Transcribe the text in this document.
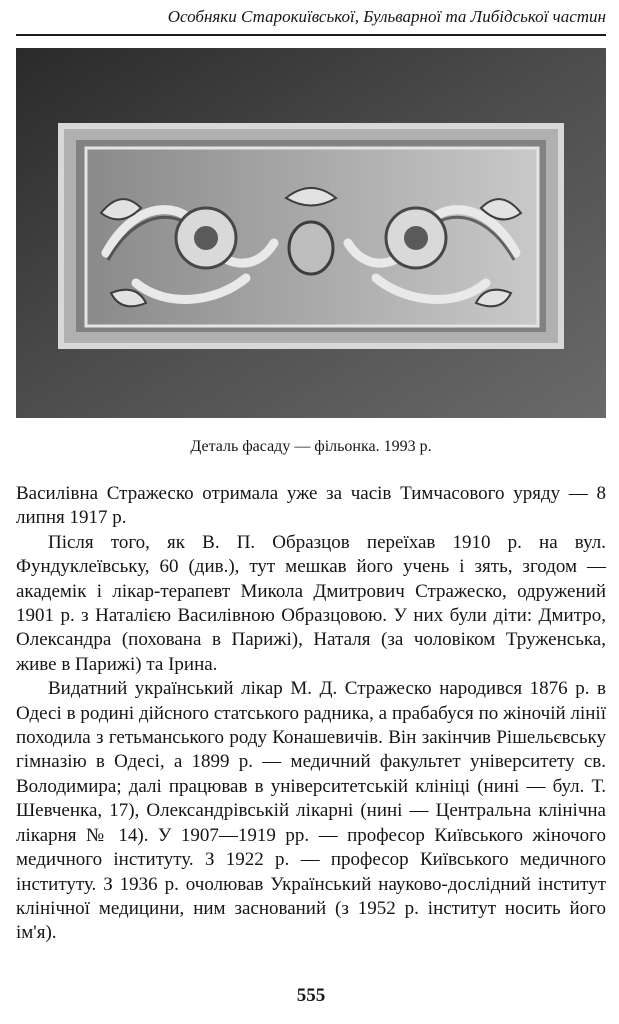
Особняки Старокиївської, Бульварної та Либідської частин
Деталь фасаду — фільонка. 1993 р.

Василівна Стражеско отримала уже за часів Тимчасового уряду — 8 липня 1917 р.

Після того, як В. П. Образцов переїхав 1910 р. на вул. Фундуклеївську, 60 (див.), тут мешкав його учень і зять, згодом — академік і лікар-терапевт Микола Дмитрович Стражеско, одружений 1901 р. з Наталією Василівною Образцовою. У них були діти: Дмитро, Олександра (похована в Парижі), Наталя (за чоловіком Труженська, живе в Парижі) та Ірина.

Видатний український лікар М. Д. Стражеско народився 1876 р. в Одесі в родині дійсного статського радника, а прабабуся по жіночій лінії походила з гетьманського роду Конашевичів. Він закінчив Рішельєвську гімназію в Одесі, а 1899 р. — медичний факультет університету св. Володимира; далі працював в університетській клініці (нині — бул. Т. Шевченка, 17), Олександрівській лікарні (нині — Центральна клінічна лікарня № 14). У 1907—1919 рр. — професор Київського жіночого медичного інституту. З 1922 р. — професор Київського медичного інституту. З 1936 р. очолював Український науково-дослідний інститут клінічної медицини, ним заснований (з 1952 р. інститут носить його ім'я).

555
